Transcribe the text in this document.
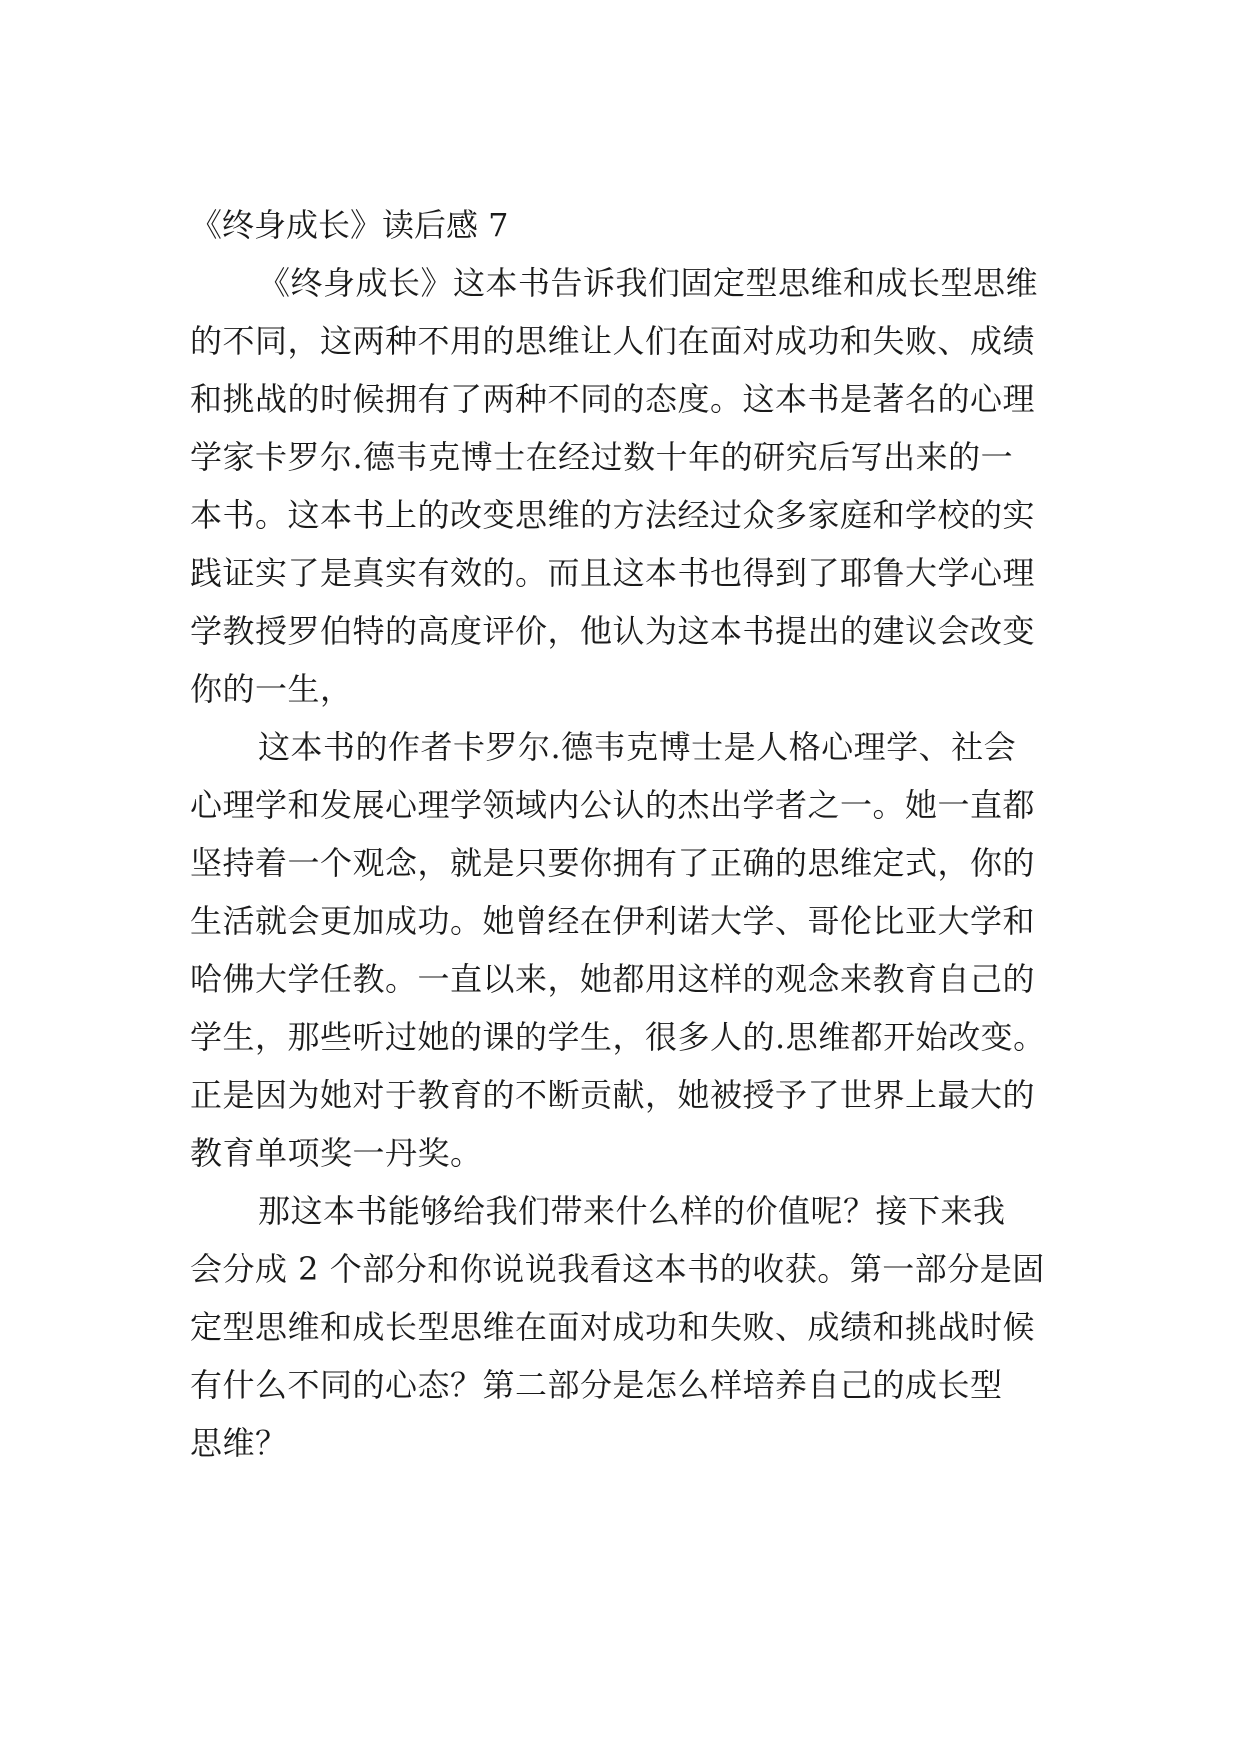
《终身成长》读后感 7
《终身成长》这本书告诉我们固定型思维和成长型思维
的不同，这两种不用的思维让人们在面对成功和失败、成绩
和挑战的时候拥有了两种不同的态度。这本书是著名的心理
学家卡罗尔.德韦克博士在经过数十年的研究后写出来的一
本书。这本书上的改变思维的方法经过众多家庭和学校的实
践证实了是真实有效的。而且这本书也得到了耶鲁大学心理
学教授罗伯特的高度评价，他认为这本书提出的建议会改变
你的一生，
这本书的作者卡罗尔.德韦克博士是人格心理学、社会
心理学和发展心理学领域内公认的杰出学者之一。她一直都
坚持着一个观念，就是只要你拥有了正确的思维定式，你的
生活就会更加成功。她曾经在伊利诺大学、哥伦比亚大学和
哈佛大学任教。一直以来，她都用这样的观念来教育自己的
学生，那些听过她的课的学生，很多人的.思维都开始改变。
正是因为她对于教育的不断贡献，她被授予了世界上最大的
教育单项奖一丹奖。
那这本书能够给我们带来什么样的价值呢？接下来我
会分成 2 个部分和你说说我看这本书的收获。第一部分是固
定型思维和成长型思维在面对成功和失败、成绩和挑战时候
有什么不同的心态？第二部分是怎么样培养自己的成长型
思维？
